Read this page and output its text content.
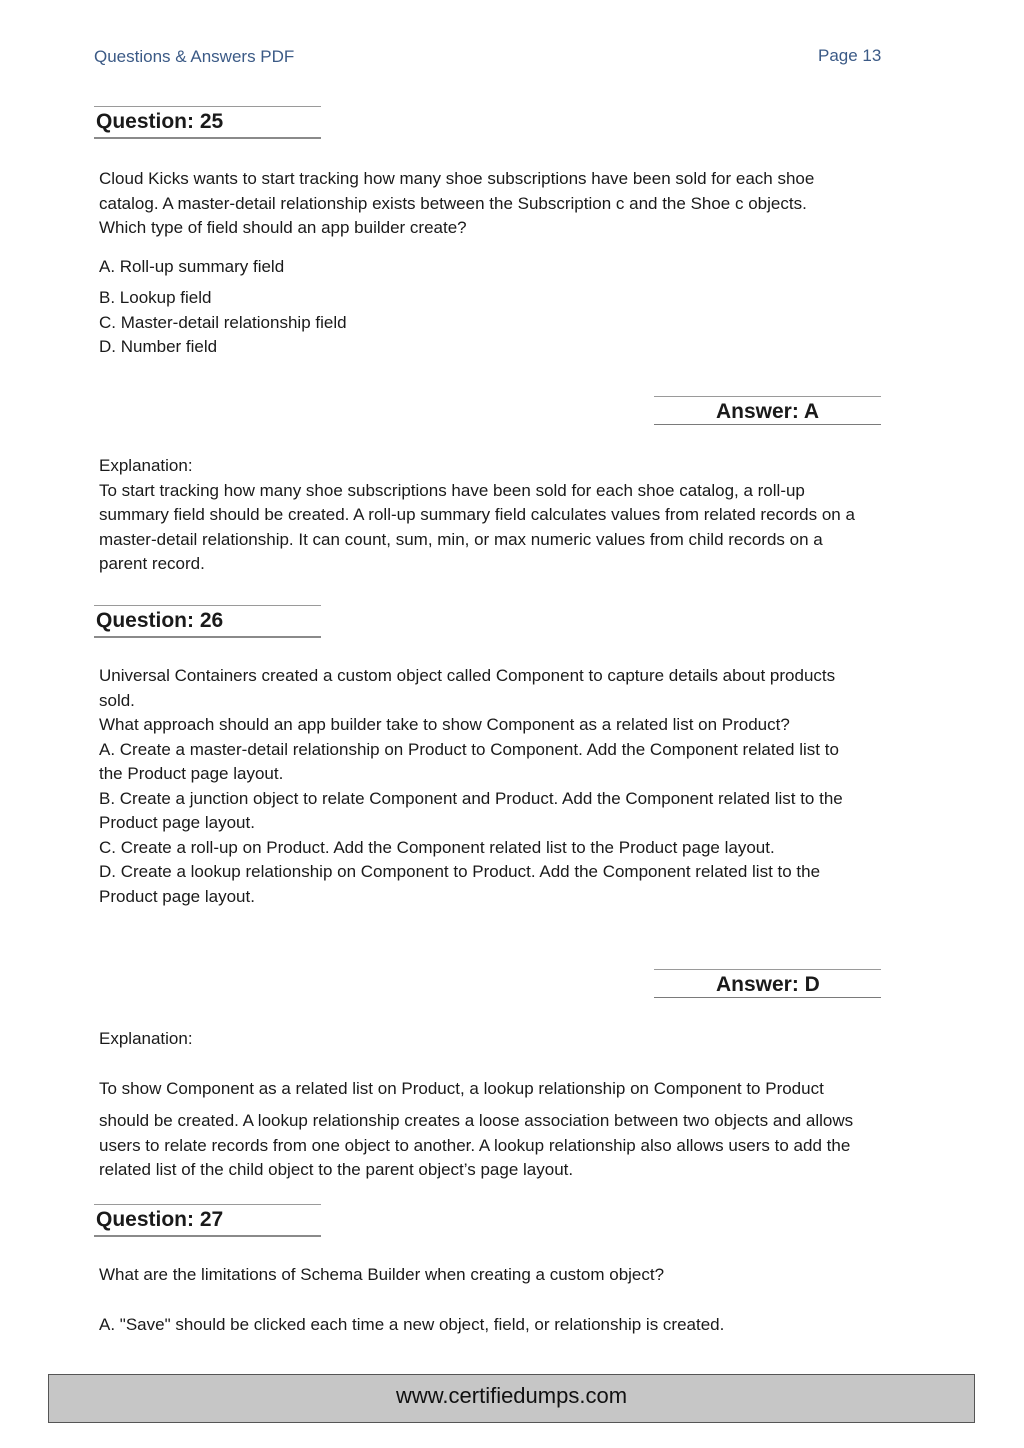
Questions & Answers PDF	Page 13
Question: 25
Cloud Kicks wants to start tracking how many shoe subscriptions have been sold for each shoe
catalog. A master-detail relationship exists between the Subscription c and the Shoe c objects.
Which type of field should an app builder create?
A. Roll-up summary field
B. Lookup field
C. Master-detail relationship field
D. Number field
Answer: A
Explanation:
To start tracking how many shoe subscriptions have been sold for each shoe catalog, a roll-up
summary field should be created. A roll-up summary field calculates values from related records on a
master-detail relationship. It can count, sum, min, or max numeric values from child records on a
parent record.
Question: 26
Universal Containers created a custom object called Component to capture details about products
sold.
What approach should an app builder take to show Component as a related list on Product?
A. Create a master-detail relationship on Product to Component. Add the Component related list to
the Product page layout.
B. Create a junction object to relate Component and Product. Add the Component related list to the
Product page layout.
C. Create a roll-up on Product. Add the Component related list to the Product page layout.
D. Create a lookup relationship on Component to Product. Add the Component related list to the
Product page layout.
Answer: D
Explanation:
To show Component as a related list on Product, a lookup relationship on Component to Product
should be created. A lookup relationship creates a loose association between two objects and allows
users to relate records from one object to another. A lookup relationship also allows users to add the
related list of the child object to the parent object’s page layout.
Question: 27
What are the limitations of Schema Builder when creating a custom object?
A. "Save" should be clicked each time a new object, field, or relationship is created.
www.certifiedumps.com
